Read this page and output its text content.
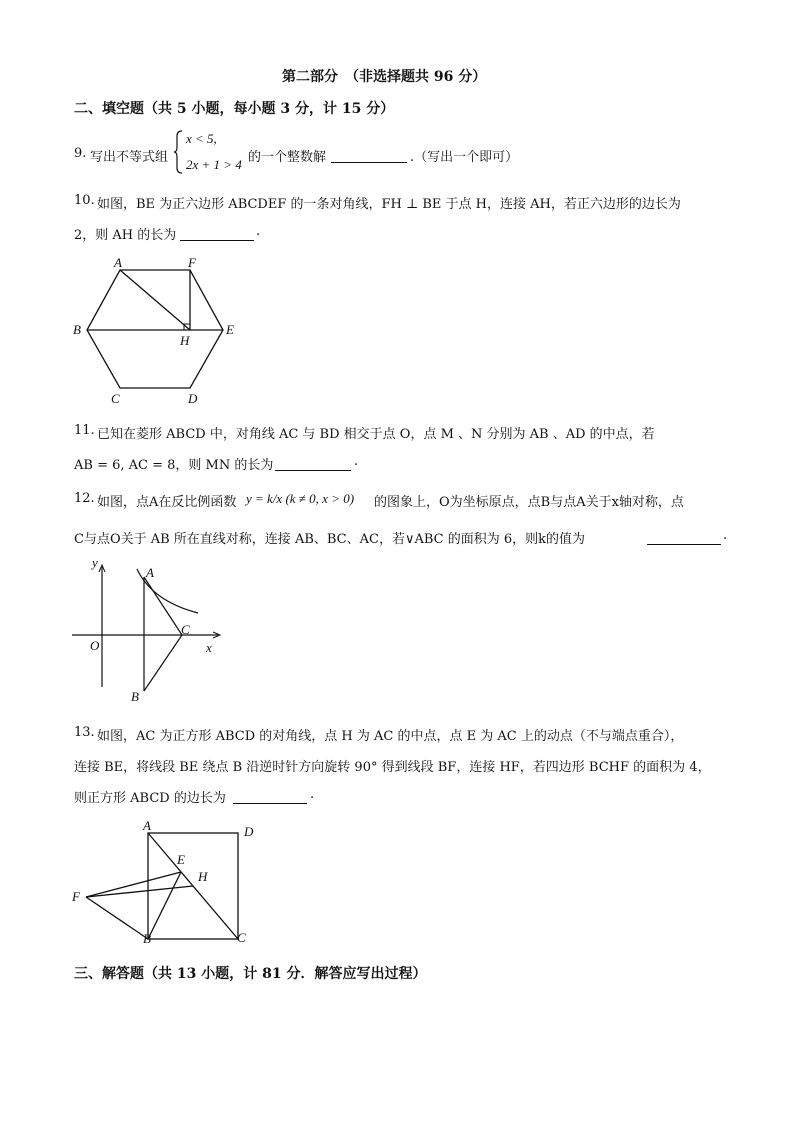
第二部分　（非选择题共 96 分）
二、填空题（共 5 小题，每小题 3 分，计 15 分）
9. 写出不等式组
x < 5,
2x + 1 > 4 的一个整数解	.（写出一个即可）
10. 如图，BE 为正六边形 ABCDEF 的一条对角线，FH ⊥ BE 于点 H，连接 AH，若正六边形的边长为
2，则 AH 的长为	.
A	F
B
H
E
C	D
11. 已知在菱形 ABCD 中，对角线 AC 与 BD 相交于点 O，点 M 、N 分别为 AB 、AD 的中点，若
AB = 6, AC = 8，则 MN 的长为	.
12. 如图，点A在反比例函数 y = k/x (k ≠ 0, x > 0) 的图象上，O为坐标原点，点B与点A关于x轴对称，点
C与点O关于 AB 所在直线对称，连接 AB、BC、AC，若∨ABC 的面积为 6，则k的值为	.
y
A
O
C
x
B
13. 如图，AC 为正方形 ABCD 的对角线，点 H 为 AC 的中点，点 E 为 AC 上的动点（不与端点重合），
连接 BE，将线段 BE 绕点 B 沿逆时针方向旋转 90° 得到线段 BF，连接 HF，若四边形 BCHF 的面积为 4，
则正方形 ABCD 的边长为	.
A	D
E
H
F
B	C
三、解答题（共 13 小题，计 81 分．解答应写出过程）
